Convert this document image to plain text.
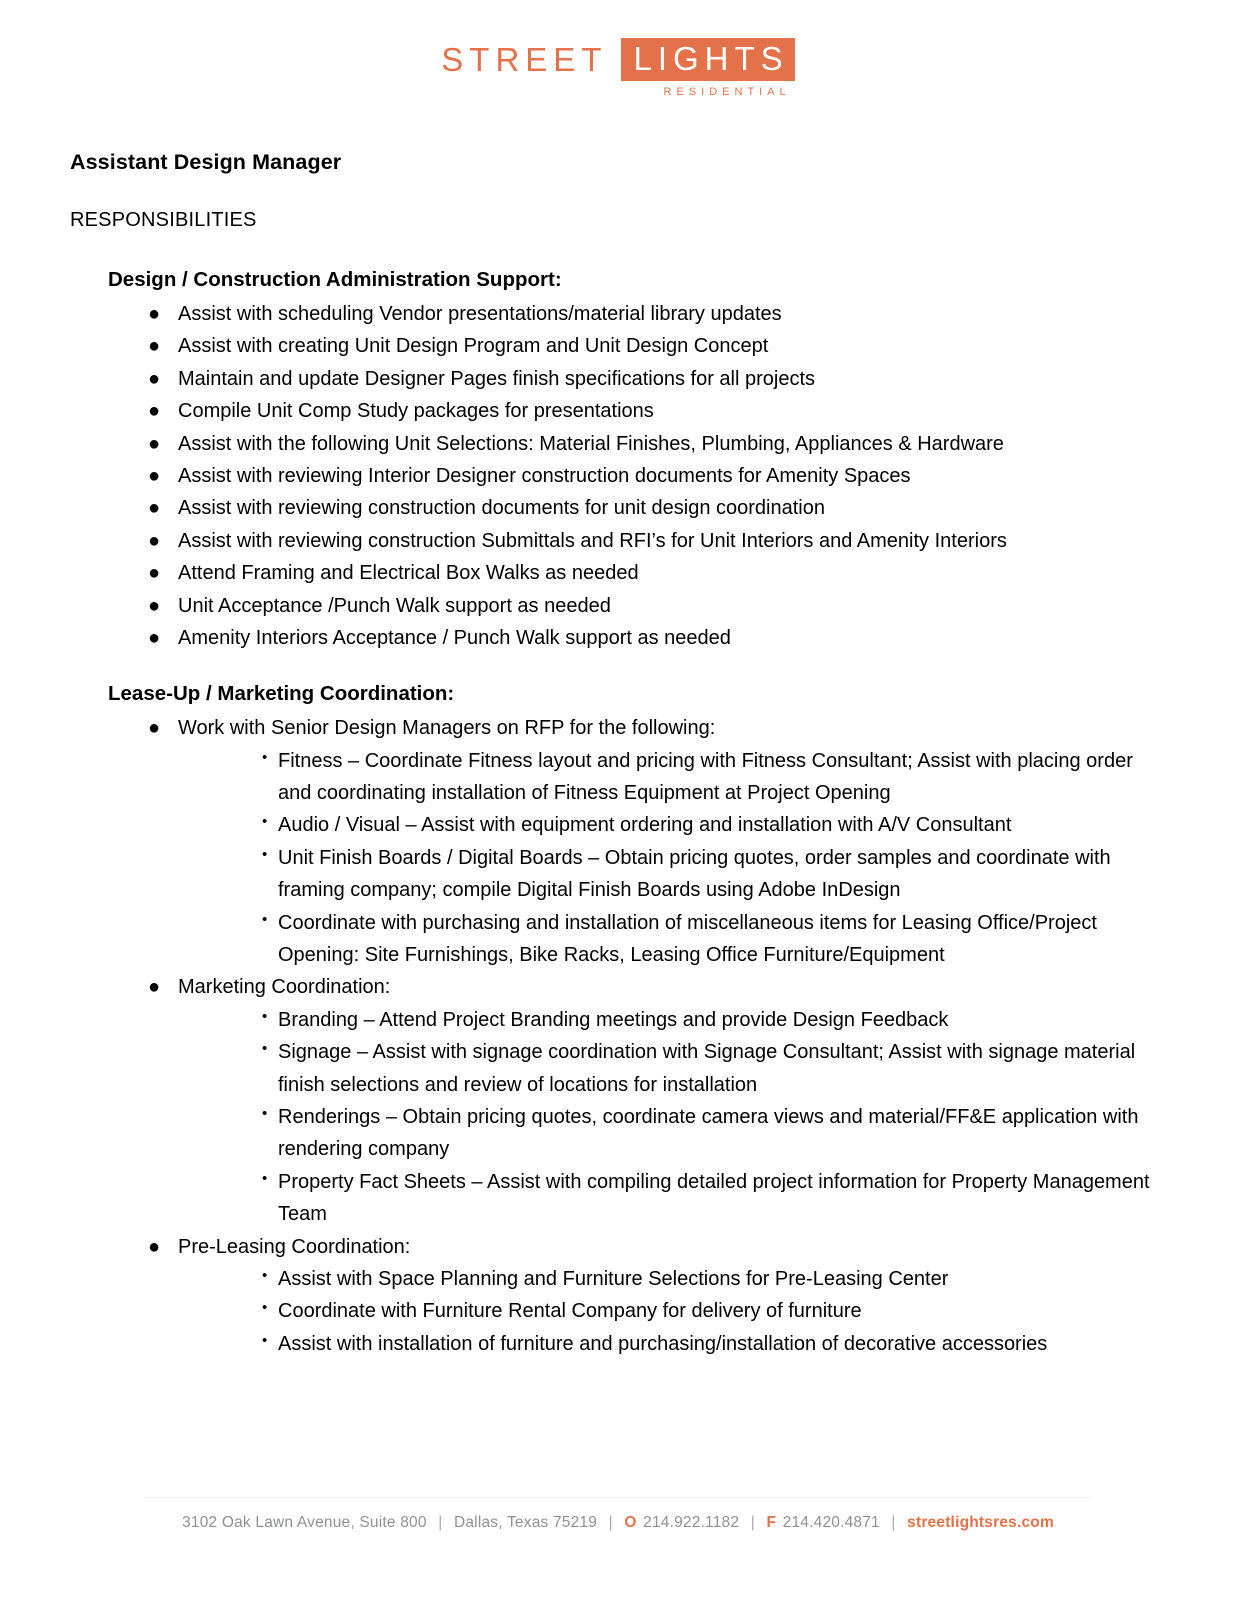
STREET LIGHTS
RESIDENTIAL
Assistant Design Manager
RESPONSIBILITIES
Design / Construction Administration Support:
● Assist with scheduling Vendor presentations/material library updates
● Assist with creating Unit Design Program and Unit Design Concept
● Maintain and update Designer Pages finish specifications for all projects
● Compile Unit Comp Study packages for presentations
● Assist with the following Unit Selections: Material Finishes, Plumbing, Appliances & Hardware
● Assist with reviewing Interior Designer construction documents for Amenity Spaces
● Assist with reviewing construction documents for unit design coordination
● Assist with reviewing construction Submittals and RFI’s for Unit Interiors and Amenity Interiors
● Attend Framing and Electrical Box Walks as needed
● Unit Acceptance /Punch Walk support as needed
● Amenity Interiors Acceptance / Punch Walk support as needed
Lease-Up / Marketing Coordination:
● Work with Senior Design Managers on RFP for the following:
• Fitness – Coordinate Fitness layout and pricing with Fitness Consultant; Assist with placing order and coordinating installation of Fitness Equipment at Project Opening
• Audio / Visual – Assist with equipment ordering and installation with A/V Consultant
• Unit Finish Boards / Digital Boards – Obtain pricing quotes, order samples and coordinate with framing company; compile Digital Finish Boards using Adobe InDesign
• Coordinate with purchasing and installation of miscellaneous items for Leasing Office/Project Opening: Site Furnishings, Bike Racks, Leasing Office Furniture/Equipment
● Marketing Coordination:
• Branding – Attend Project Branding meetings and provide Design Feedback
• Signage – Assist with signage coordination with Signage Consultant; Assist with signage material finish selections and review of locations for installation
• Renderings – Obtain pricing quotes, coordinate camera views and material/FF&E application with rendering company
• Property Fact Sheets – Assist with compiling detailed project information for Property Management Team
● Pre-Leasing Coordination:
• Assist with Space Planning and Furniture Selections for Pre-Leasing Center
• Coordinate with Furniture Rental Company for delivery of furniture
• Assist with installation of furniture and purchasing/installation of decorative accessories
3102 Oak Lawn Avenue, Suite 800 | Dallas, Texas 75219 | O 214.922.1182 | F 214.420.4871 | streetlightsres.com
